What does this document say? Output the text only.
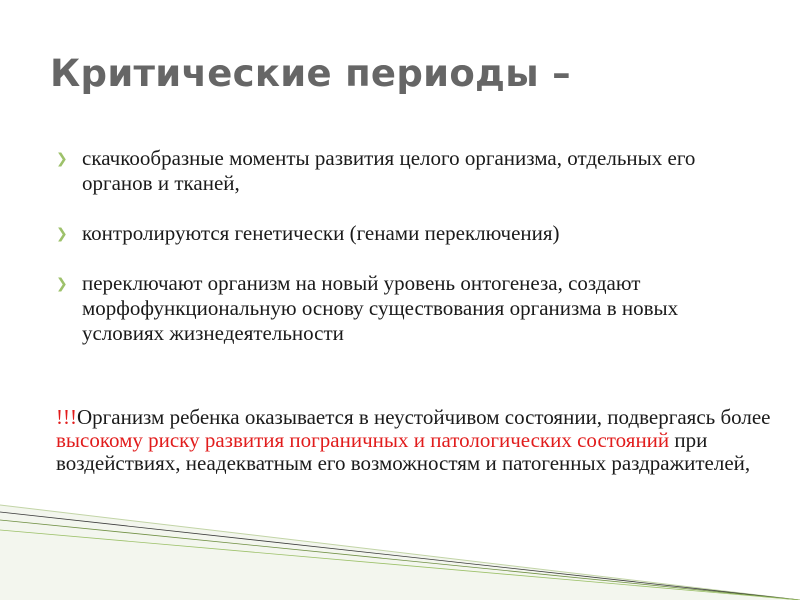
Критические периоды –
❯ скачкообразные моменты развития целого организма, отдельных его органов и тканей,
❯ контролируются генетически (генами переключения)
❯ переключают организм на новый уровень онтогенеза, создают морфофункциональную основу существования организма в новых условиях жизнедеятельности
!!!Организм ребенка оказывается в неустойчивом состоянии, подвергаясь более высокому риску развития пограничных и патологических состояний при воздействиях, неадекватным его возможностям и патогенных раздражителей,
